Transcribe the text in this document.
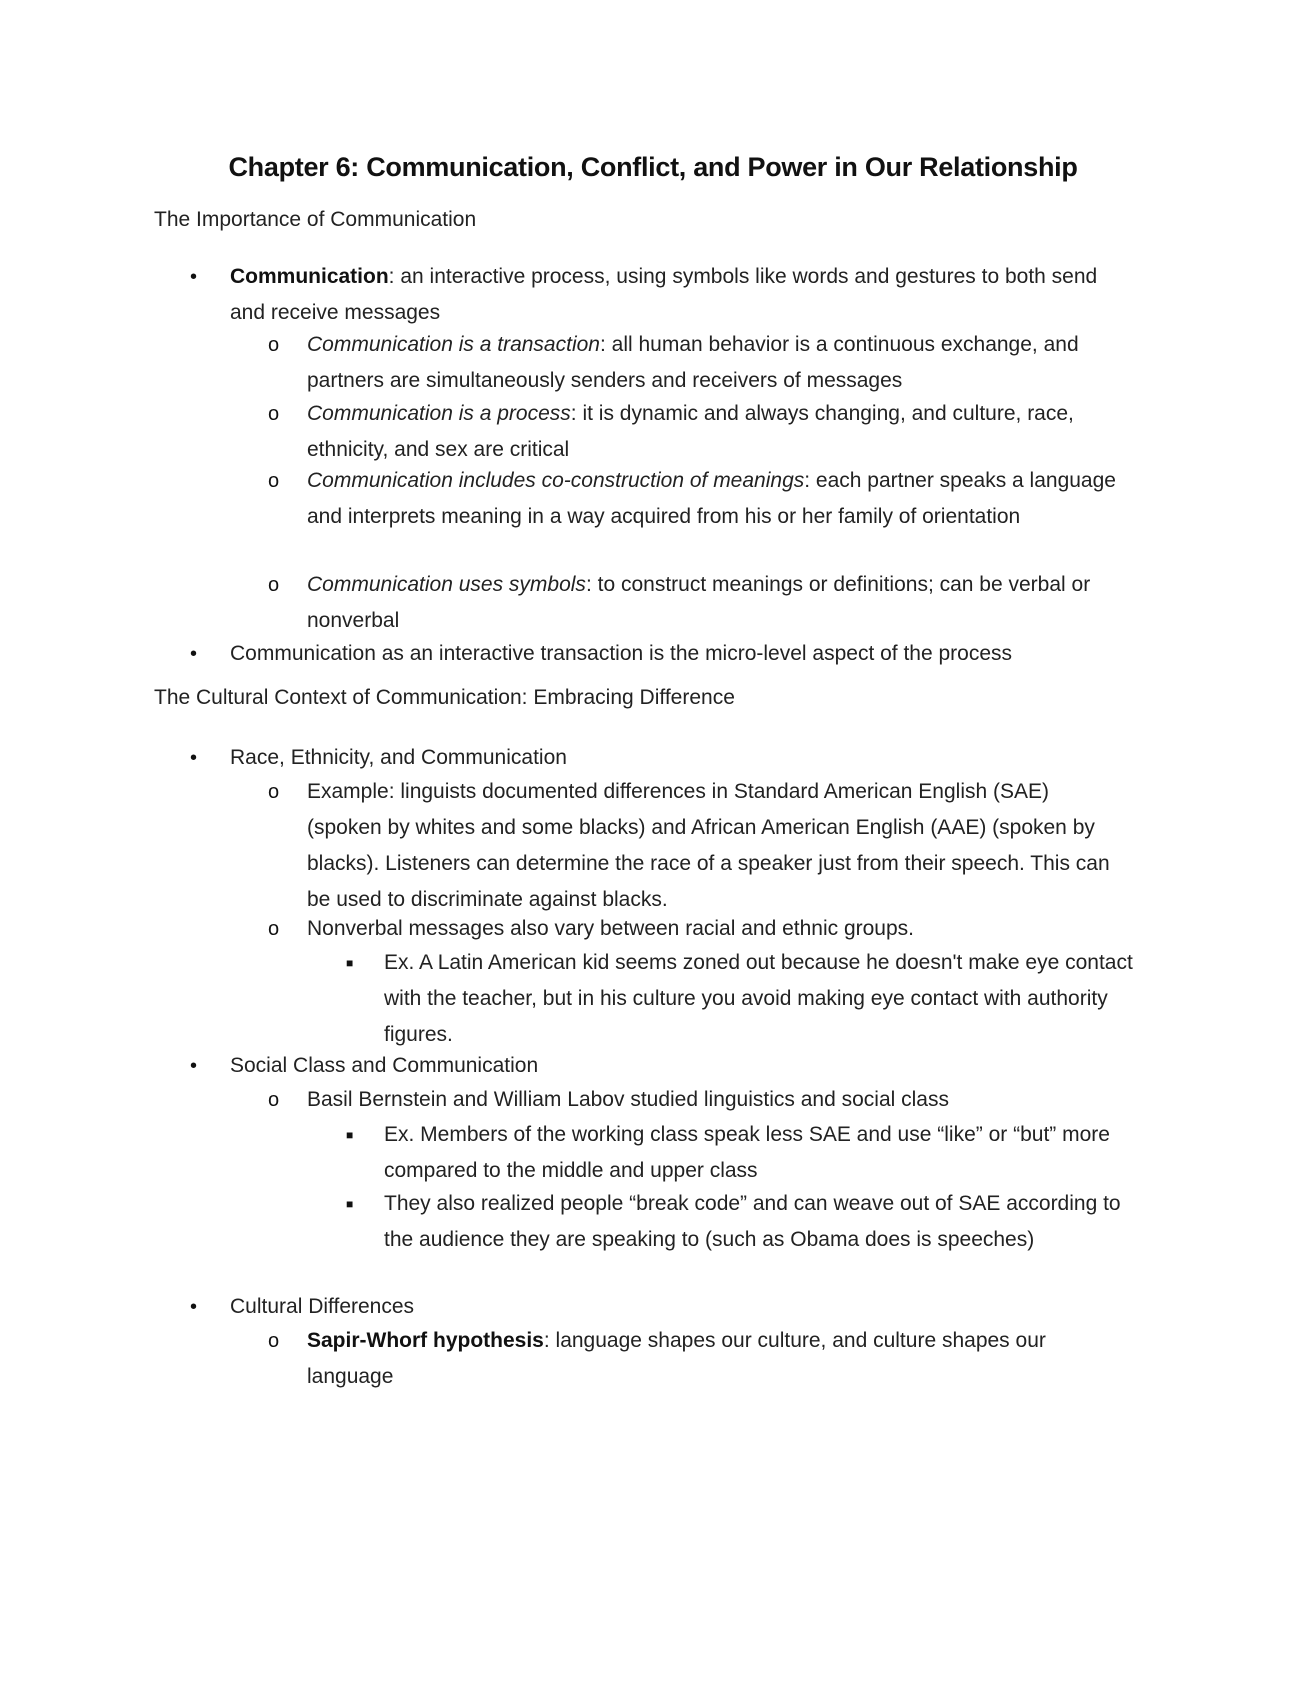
Chapter 6: Communication, Conflict, and Power in Our Relationship
The Importance of Communication
• Communication: an interactive process, using symbols like words and gestures to both send and receive messages
o Communication is a transaction: all human behavior is a continuous exchange, and partners are simultaneously senders and receivers of messages
o Communication is a process: it is dynamic and always changing, and culture, race, ethnicity, and sex are critical
o Communication includes co-construction of meanings: each partner speaks a language and interprets meaning in a way acquired from his or her family of orientation
o Communication uses symbols: to construct meanings or definitions; can be verbal or nonverbal
• Communication as an interactive transaction is the micro-level aspect of the process
The Cultural Context of Communication: Embracing Difference
• Race, Ethnicity, and Communication
o Example: linguists documented differences in Standard American English (SAE) (spoken by whites and some blacks) and African American English (AAE) (spoken by blacks). Listeners can determine the race of a speaker just from their speech. This can be used to discriminate against blacks.
o Nonverbal messages also vary between racial and ethnic groups.
■ Ex. A Latin American kid seems zoned out because he doesn't make eye contact with the teacher, but in his culture you avoid making eye contact with authority figures.
• Social Class and Communication
o Basil Bernstein and William Labov studied linguistics and social class
■ Ex. Members of the working class speak less SAE and use “like” or “but” more compared to the middle and upper class
■ They also realized people “break code” and can weave out of SAE according to the audience they are speaking to (such as Obama does is speeches)
• Cultural Differences
o Sapir-Whorf hypothesis: language shapes our culture, and culture shapes our language
